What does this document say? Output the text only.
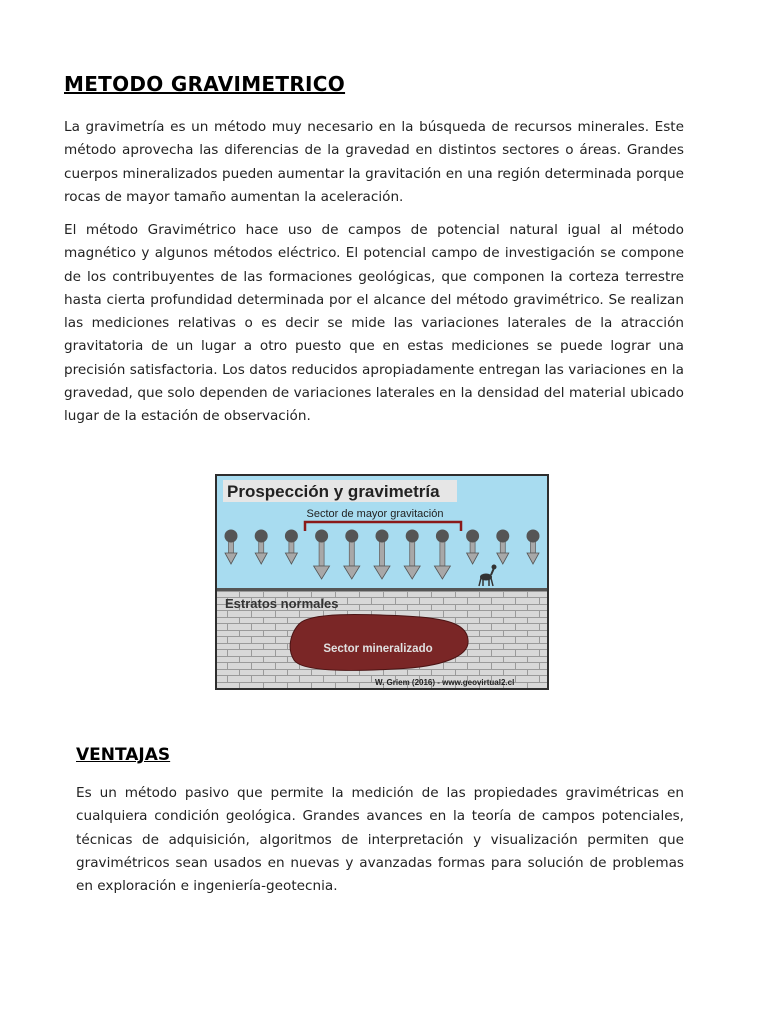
METODO GRAVIMETRICO

La gravimetría es un método muy necesario en la búsqueda de recursos minerales. Este método aprovecha las diferencias de la gravedad en distintos sectores o áreas. Grandes cuerpos mineralizados pueden aumentar la gravitación en una región determinada porque rocas de mayor tamaño aumentan la aceleración.

El método Gravimétrico hace uso de campos de potencial natural igual al método magnético y algunos métodos eléctrico. El potencial campo de investigación se compone de los contribuyentes de las formaciones geológicas, que componen la corteza terrestre hasta cierta profundidad determinada por el alcance del método gravimétrico. Se realizan las mediciones relativas o es decir se mide las variaciones laterales de la atracción gravitatoria de un lugar a otro puesto que en estas mediciones se puede lograr una precisión satisfactoria. Los datos reducidos apropiadamente entregan las variaciones en la gravedad, que solo dependen de variaciones laterales en la densidad del material ubicado lugar de la estación de observación.

Prospección y gravimetría
Sector de mayor gravitación
Estratos normales
Sector mineralizado
W. Griem (2016) - www.geovirtual2.cl
VENTAJAS

Es un método pasivo que permite la medición de las propiedades gravimétricas en cualquiera condición geológica. Grandes avances en la teoría de campos potenciales, técnicas de adquisición, algoritmos de interpretación y visualización permiten que gravimétricos sean usados en nuevas y avanzadas formas para solución de problemas en exploración e ingeniería-geotecnia.
